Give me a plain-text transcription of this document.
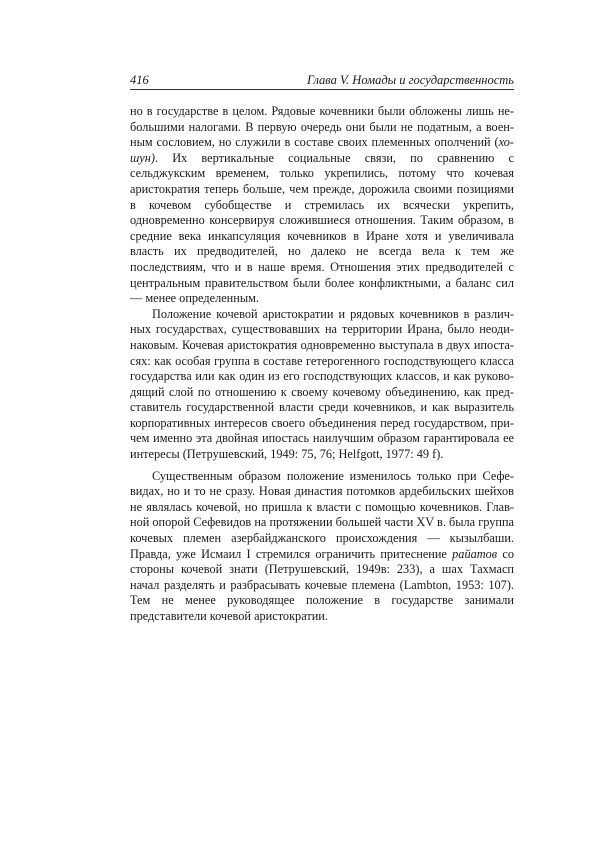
416	Глава V. Номады и государственность

но в государстве в целом. Рядовые кочевники были обложены лишь небольшими налогами. В первую очередь они были не податным, а военным сословием, но служили в составе своих племенных ополчений (хошун). Их вертикальные социальные связи, по сравнению с сельджукским временем, только укрепились, потому что кочевая аристократия теперь больше, чем прежде, дорожила своими позициями в кочевом субобществе и стремилась их всячески укрепить, одновременно консервируя сложившиеся отношения. Таким образом, в средние века инкапсуляция кочевников в Иране хотя и увеличивала власть их предводителей, но далеко не всегда вела к тем же последствиям, что и в наше время. Отношения этих предводителей с центральным правительством были более конфликтными, а баланс сил — менее определенным.

Положение кочевой аристократии и рядовых кочевников в различных государствах, существовавших на территории Ирана, было неодинаковым. Кочевая аристократия одновременно выступала в двух ипостасях: как особая группа в составе гетерогенного господствующего класса государства или как один из его господствующих классов, и как руководящий слой по отношению к своему кочевому объединению, как представитель государственной власти среди кочевников, и как выразитель корпоративных интересов своего объединения перед государством, причем именно эта двойная ипостась наилучшим образом гарантировала ее интересы (Петрушевский, 1949: 75, 76; Helfgott, 1977: 49 f).

Существенным образом положение изменилось только при Сефевидах, но и то не сразу. Новая династия потомков ардебильских шейхов не являлась кочевой, но пришла к власти с помощью кочевников. Главной опорой Сефевидов на протяжении большей части XV в. была группа кочевых племен азербайджанского происхождения — кызылбаши. Правда, уже Исмаил I стремился ограничить притеснение райатов со стороны кочевой знати (Петрушевский, 1949в: 233), а шах Тахмасп начал разделять и разбрасывать кочевые племена (Lambton, 1953: 107). Тем не менее руководящее положение в государстве занимали представители кочевой аристократии.
